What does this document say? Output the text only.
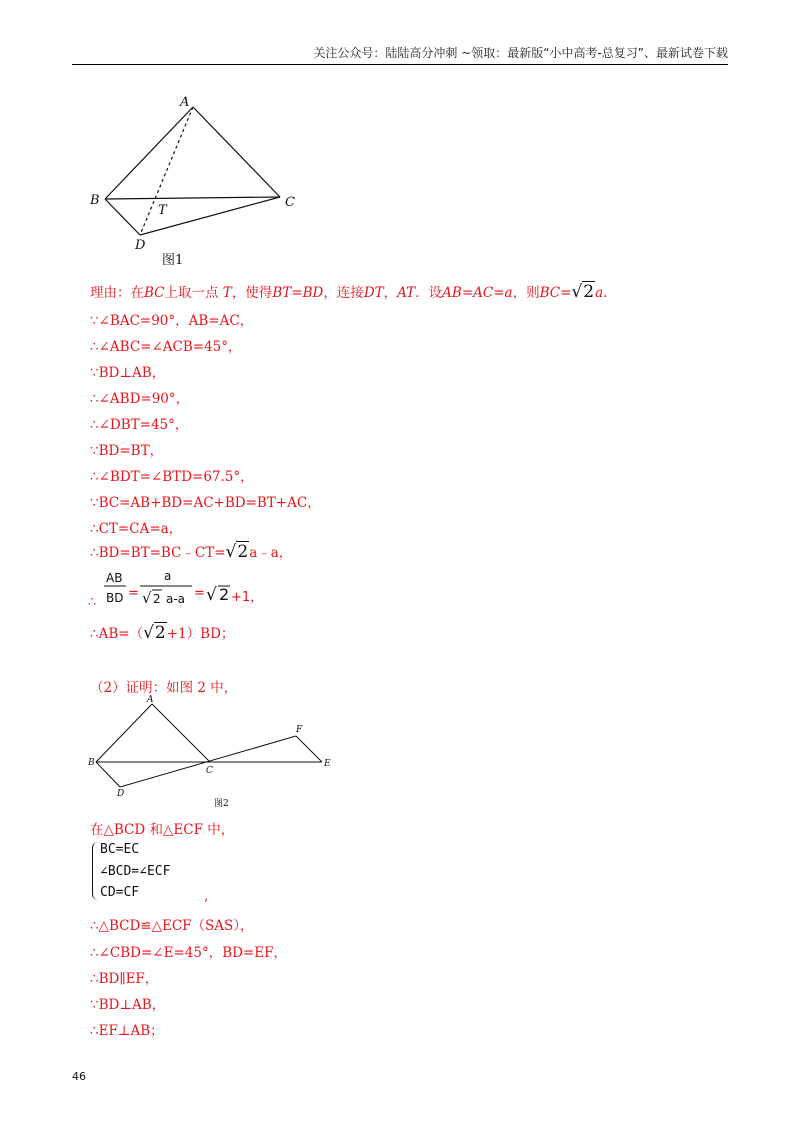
关注公众号：陆陆高分冲刺 ~领取：最新版“小中高考-总复习”、最新试卷下载
A
B	C
D
T
图1
理由：在BC上取一点 T，使得BT=BD，连接DT，AT．设AB=AC=a，则BC=√2a.
∵∠BAC=90°，AB=AC，
∴∠ABC=∠ACB=45°，
∵BD⊥AB，
∴∠ABD=90°，
∴∠DBT=45°，
∵BD=BT，
∴∠BDT=∠BTD=67.5°，
∵BC=AB+BD=AC+BD=BT+AC，
∴CT=CA=a，
∴BD=BT=BC﹣CT=√2a﹣a，
AB
BD =
a
√ 2 a-a = √ 2 +1，
∴
∴AB=（√2+1）BD；
（2）证明：如图 2 中，
A
B
C
D
E
F
图2
在△BCD 和△ECF 中，
BC=EC
∠BCD=∠ECF
CD=CF	,
∴△BCD≌△ECF（SAS），
∴∠CBD=∠E=45°，BD=EF，
∴BD∥EF，
∵BD⊥AB，
∴EF⊥AB；
46
